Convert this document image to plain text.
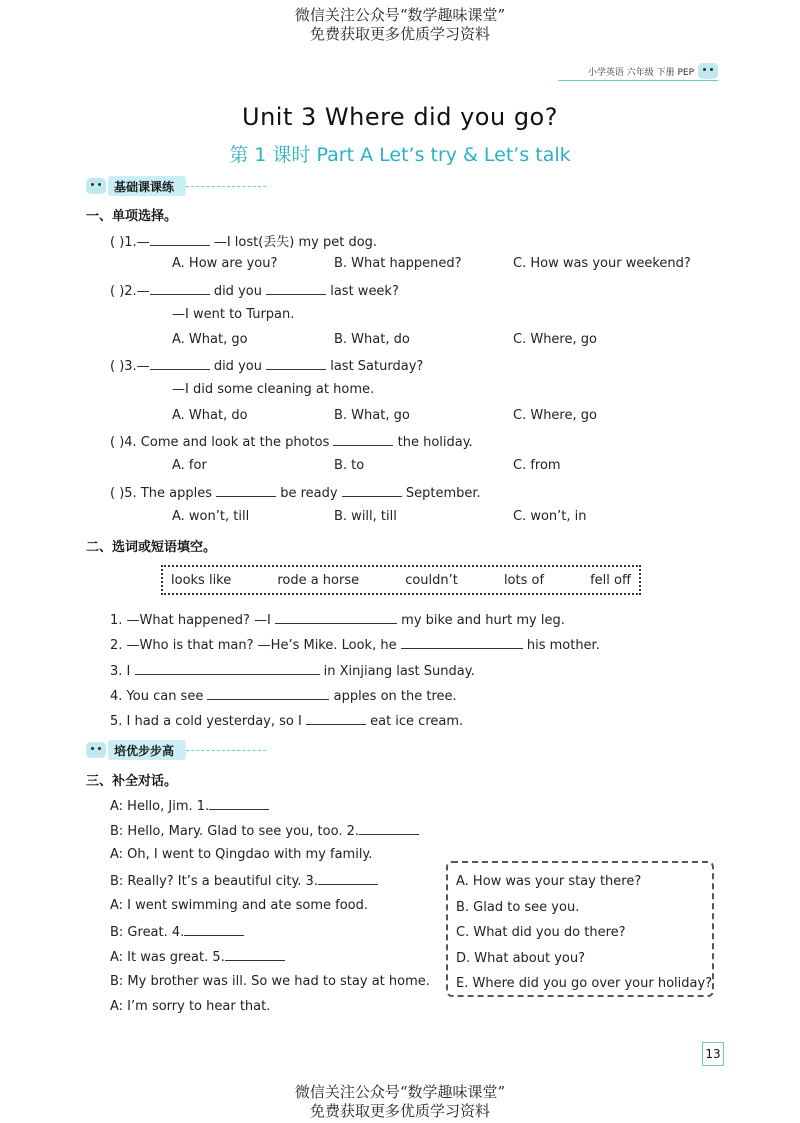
微信关注公众号“数学趣味课堂”
免费获取更多优质学习资料
小学英语 六年级 下册 PEP
Unit 3 Where did you go?
第 1 课时 Part A Let’s try & Let’s talk
基础课课练
一、单项选择。
( )1.—	—I lost(丢失) my pet dog.
A. How are you?	B. What happened?	C. How was your weekend?
( )2.—	did you	last week?
—I went to Turpan.
A. What, go	B. What, do	C. Where, go
( )3.—	did you	last Saturday?
—I did some cleaning at home.
A. What, do	B. What, go	C. Where, go
( )4. Come and look at the photos	the holiday.
A. for	B. to	C. from
( )5. The apples	be ready	September.
A. won’t, till	B. will, till	C. won’t, in
二、选词或短语填空。
looks like	rode a horse	couldn’t	lots of	fell off
1. —What happened? —I	my bike and hurt my leg.
2. —Who is that man? —He’s Mike. Look, he	his mother.
3. I	in Xinjiang last Sunday.
4. You can see	apples on the tree.
5. I had a cold yesterday, so I	eat ice cream.
培优步步高
三、补全对话。
A: Hello, Jim. 1.
B: Hello, Mary. Glad to see you, too. 2.
A: Oh, I went to Qingdao with my family.
B: Really? It’s a beautiful city. 3.
A: I went swimming and ate some food.
B: Great. 4.
A: It was great. 5.
B: My brother was ill. So we had to stay at home.
A: I’m sorry to hear that.
A. How was your stay there?
B. Glad to see you.
C. What did you do there?
D. What about you?
E. Where did you go over your holiday?
13
微信关注公众号“数学趣味课堂”
免费获取更多优质学习资料
